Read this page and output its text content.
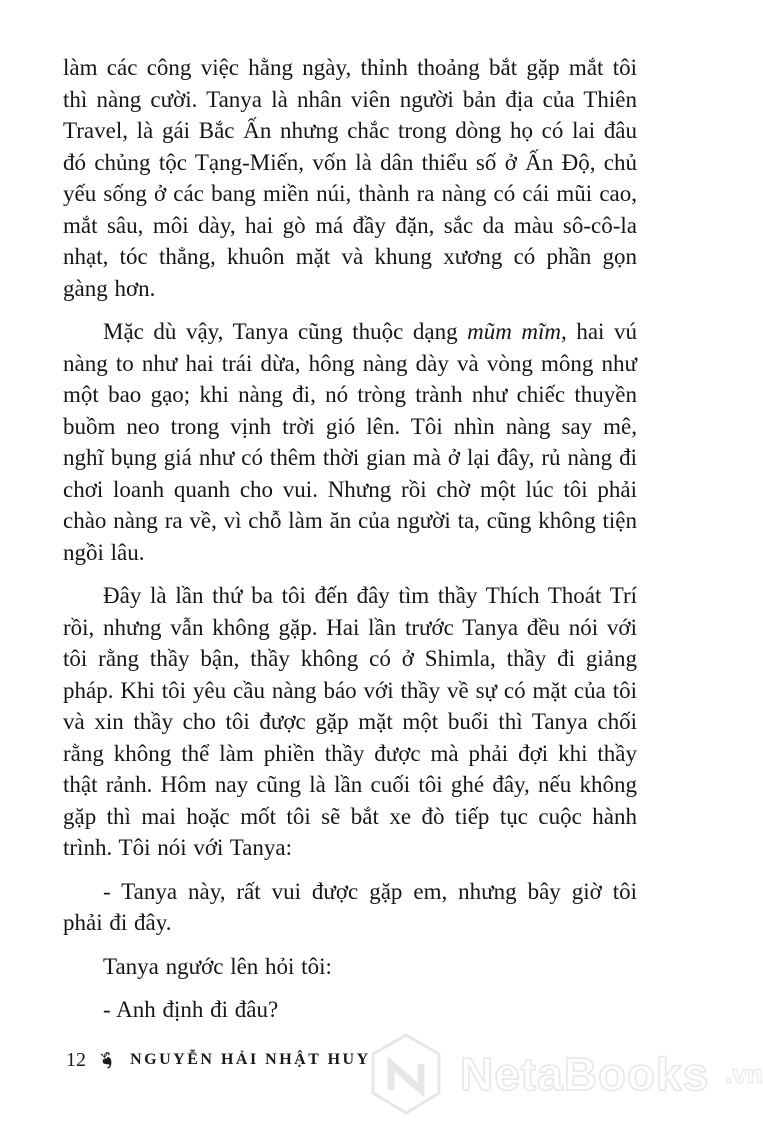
làm các công việc hằng ngày, thỉnh thoảng bắt gặp mắt tôi thì nàng cười. Tanya là nhân viên người bản địa của Thiên Travel, là gái Bắc Ấn nhưng chắc trong dòng họ có lai đâu đó chủng tộc Tạng-Miến, vốn là dân thiểu số ở Ấn Độ, chủ yếu sống ở các bang miền núi, thành ra nàng có cái mũi cao, mắt sâu, môi dày, hai gò má đầy đặn, sắc da màu sô-cô-la nhạt, tóc thẳng, khuôn mặt và khung xương có phần gọn gàng hơn.

Mặc dù vậy, Tanya cũng thuộc dạng mũm mĩm, hai vú nàng to như hai trái dừa, hông nàng dày và vòng mông như một bao gạo; khi nàng đi, nó tròng trành như chiếc thuyền buồm neo trong vịnh trời gió lên. Tôi nhìn nàng say mê, nghĩ bụng giá như có thêm thời gian mà ở lại đây, rủ nàng đi chơi loanh quanh cho vui. Nhưng rồi chờ một lúc tôi phải chào nàng ra về, vì chỗ làm ăn của người ta, cũng không tiện ngồi lâu.

Đây là lần thứ ba tôi đến đây tìm thầy Thích Thoát Trí rồi, nhưng vẫn không gặp. Hai lần trước Tanya đều nói với tôi rằng thầy bận, thầy không có ở Shimla, thầy đi giảng pháp. Khi tôi yêu cầu nàng báo với thầy về sự có mặt của tôi và xin thầy cho tôi được gặp mặt một buổi thì Tanya chối rằng không thể làm phiền thầy được mà phải đợi khi thầy thật rảnh. Hôm nay cũng là lần cuối tôi ghé đây, nếu không gặp thì mai hoặc mốt tôi sẽ bắt xe đò tiếp tục cuộc hành trình. Tôi nói với Tanya:

- Tanya này, rất vui được gặp em, nhưng bây giờ tôi phải đi đây.

Tanya ngước lên hỏi tôi:

- Anh định đi đâu?

12 ❧ NGUYỄN HẢI NHẬT HUY NetaBooks .vn
